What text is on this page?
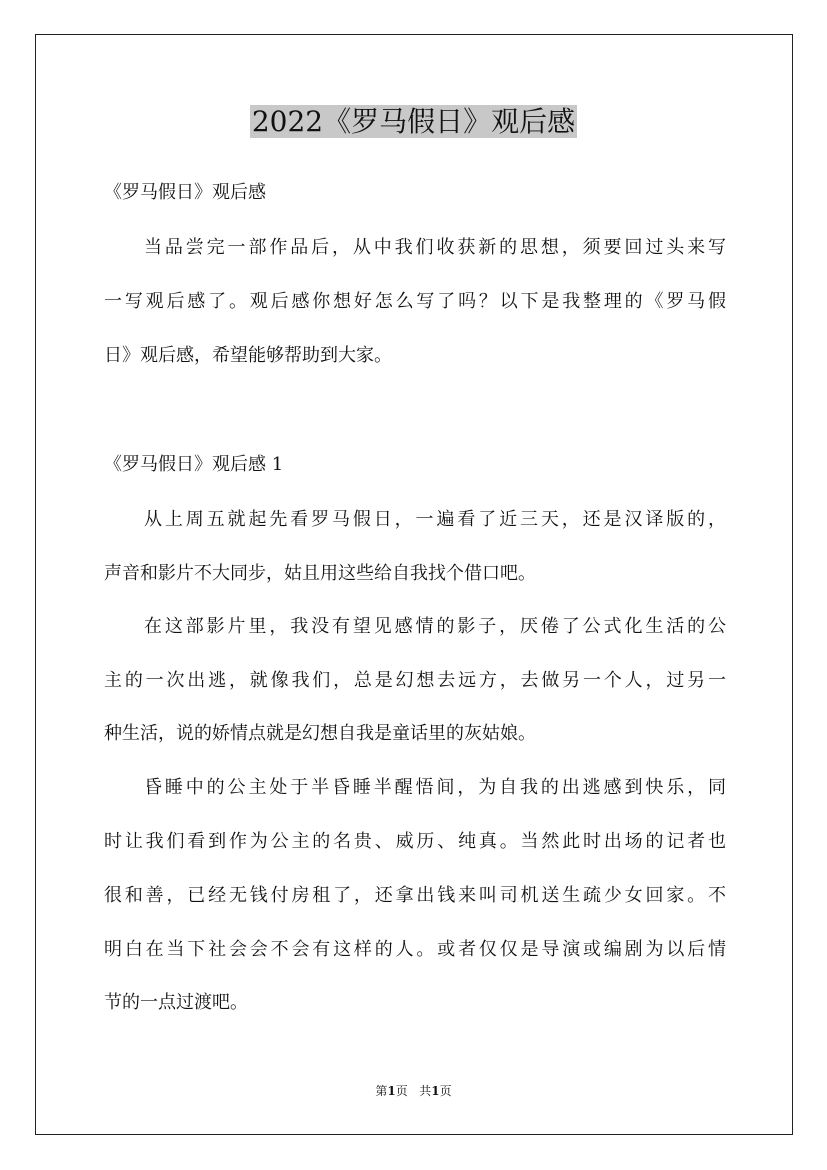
2022《罗马假日》观后感
《罗马假日》观后感
当品尝完一部作品后，从中我们收获新的思想，须要回过头来写
一写观后感了。观后感你想好怎么写了吗？以下是我整理的《罗马假
日》观后感，希望能够帮助到大家。
《罗马假日》观后感 1
从上周五就起先看罗马假日，一遍看了近三天，还是汉译版的，
声音和影片不大同步，姑且用这些给自我找个借口吧。
在这部影片里，我没有望见感情的影子，厌倦了公式化生活的公
主的一次出逃，就像我们，总是幻想去远方，去做另一个人，过另一
种生活，说的娇情点就是幻想自我是童话里的灰姑娘。
昏睡中的公主处于半昏睡半醒悟间，为自我的出逃感到快乐，同
时让我们看到作为公主的名贵、威历、纯真。当然此时出场的记者也
很和善，已经无钱付房租了，还拿出钱来叫司机送生疏少女回家。不
明白在当下社会会不会有这样的人。或者仅仅是导演或编剧为以后情
节的一点过渡吧。
第1页   共1页
